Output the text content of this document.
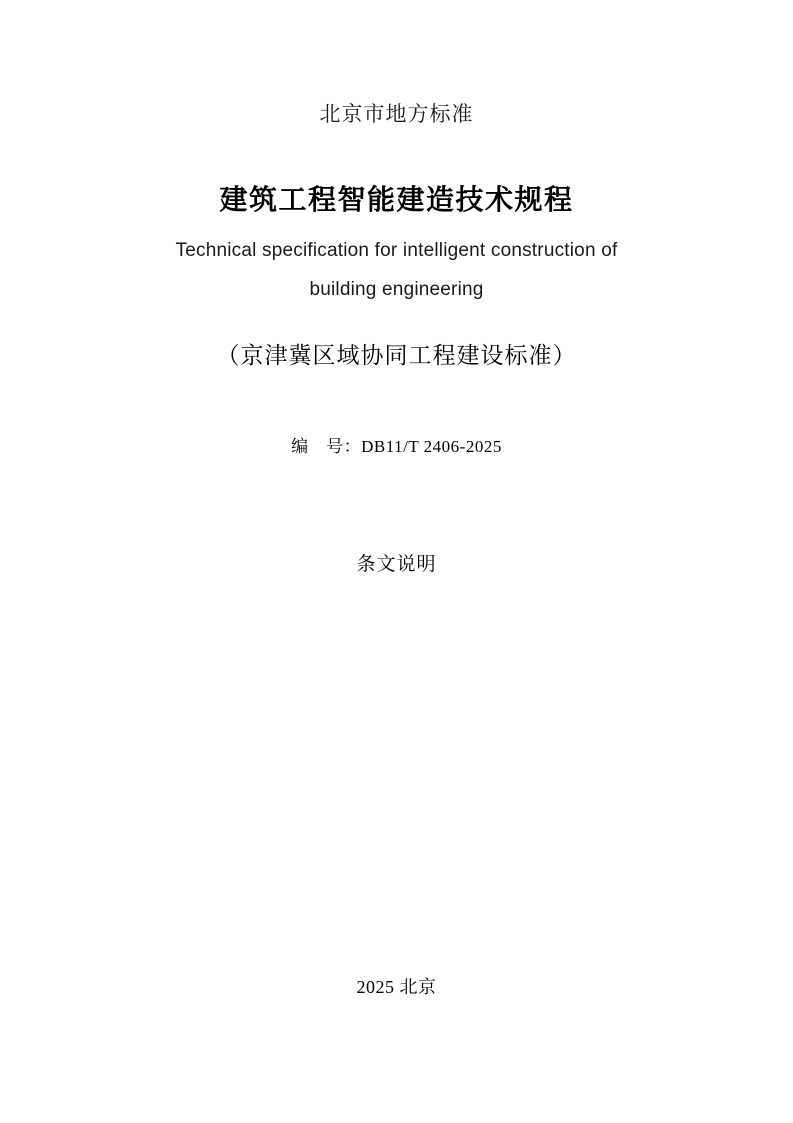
北京市地方标准
建筑工程智能建造技术规程
Technical specification for intelligent construction of
building engineering
（京津冀区域协同工程建设标准）
编　号：DB11/T 2406-2025
条文说明
2025 北京
